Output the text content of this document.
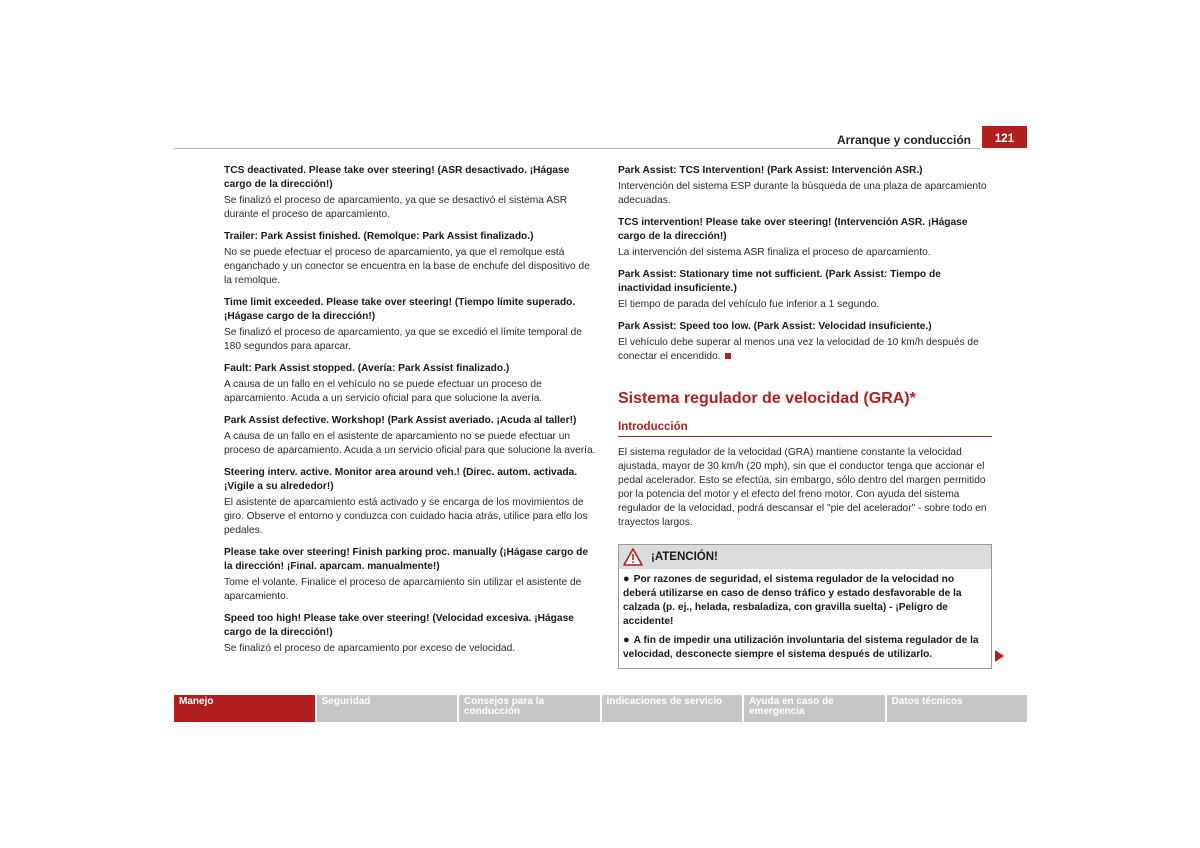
Arranque y conducción	121

TCS deactivated. Please take over steering! (ASR desactivado. ¡Hágase cargo de la dirección!)

Se finalizó el proceso de aparcamiento, ya que se desactivó el sistema ASR durante el proceso de aparcamiento.

Trailer: Park Assist finished. (Remolque: Park Assist finalizado.)

No se puede efectuar el proceso de aparcamiento, ya que el remolque está enganchado y un conector se encuentra en la base de enchufe del dispositivo de la remolque.

Time limit exceeded. Please take over steering! (Tiempo límite superado. ¡Hágase cargo de la dirección!)

Se finalizó el proceso de aparcamiento, ya que se excedió el límite temporal de 180 segundos para aparcar.

Fault: Park Assist stopped. (Avería: Park Assist finalizado.)

A causa de un fallo en el vehículo no se puede efectuar un proceso de aparcamiento. Acuda a un servicio oficial para que solucione la avería.

Park Assist defective. Workshop! (Park Assist averiado. ¡Acuda al taller!)

A causa de un fallo en el asistente de aparcamiento no se puede efectuar un proceso de aparcamiento. Acuda a un servicio oficial para que solucione la avería.

Steering interv. active. Monitor area around veh.! (Direc. autom. activada. ¡Vigile a su alrededor!)

El asistente de aparcamiento está activado y se encarga de los movimientos de giro. Observe el entorno y conduzca con cuidado hacia atrás, utilice para ello los pedales.

Please take over steering! Finish parking proc. manually (¡Hágase cargo de la dirección! ¡Final. aparcam. manualmente!)

Tome el volante. Finalice el proceso de aparcamiento sin utilizar el asistente de aparcamiento.

Speed too high! Please take over steering! (Velocidad excesiva. ¡Hágase cargo de la dirección!)

Se finalizó el proceso de aparcamiento por exceso de velocidad.

Park Assist: TCS Intervention! (Park Assist: Intervención ASR.)

Intervención del sistema ESP durante la búsqueda de una plaza de aparcamiento adecuadas.

TCS intervention! Please take over steering! (Intervención ASR. ¡Hágase cargo de la dirección!)

La intervención del sistema ASR finaliza el proceso de aparcamiento.

Park Assist: Stationary time not sufficient. (Park Assist: Tiempo de inactividad insuficiente.)

El tiempo de parada del vehículo fue inferior a 1 segundo.

Park Assist: Speed too low. (Park Assist: Velocidad insuficiente.)

El vehículo debe superar al menos una vez la velocidad de 10 km/h después de conectar el encendido.

Sistema regulador de velocidad (GRA)*
Introducción

El sistema regulador de la velocidad (GRA) mantiene constante la velocidad ajustada, mayor de 30 km/h (20 mph), sin que el conductor tenga que accionar el pedal acelerador. Esto se efectúa, sin embargo, sólo dentro del margen permitido por la potencia del motor y el efecto del freno motor. Con ayuda del sistema regulador de la velocidad, podrá descansar el "pie del acelerador" - sobre todo en trayectos largos.

¡ATENCIÓN!

● Por razones de seguridad, el sistema regulador de la velocidad no deberá utilizarse en caso de denso tráfico y estado desfavorable de la calzada (p. ej., helada, resbaladiza, con gravilla suelta) - ¡Peligro de accidente!

● A fin de impedir una utilización involuntaria del sistema regulador de la velocidad, desconecte siempre el sistema después de utilizarlo.

Manejo	Seguridad	Consejos para la conducción
Indicaciones de servicio	Ayuda en caso de emergencia
Datos técnicos
